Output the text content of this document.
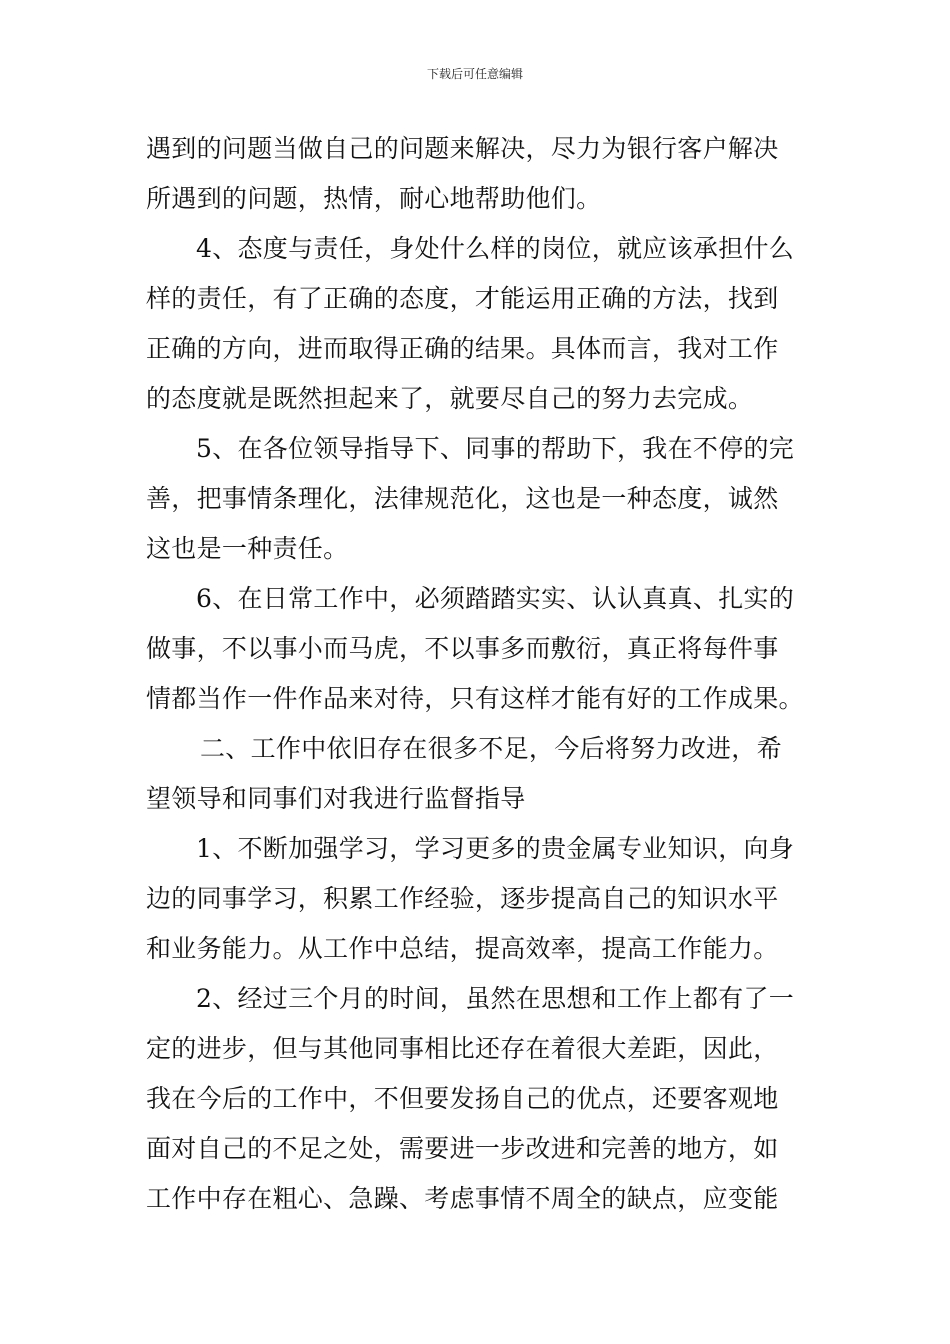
下载后可任意编辑
遇到的问题当做自己的问题来解决，尽力为银行客户解决
所遇到的问题，热情，耐心地帮助他们。
4、态度与责任，身处什么样的岗位，就应该承担什么
样的责任，有了正确的态度，才能运用正确的方法，找到
正确的方向，进而取得正确的结果。具体而言，我对工作
的态度就是既然担起来了，就要尽自己的努力去完成。
5、在各位领导指导下、同事的帮助下，我在不停的完
善，把事情条理化，法律规范化，这也是一种态度，诚然
这也是一种责任。
6、在日常工作中，必须踏踏实实、认认真真、扎实的
做事，不以事小而马虎，不以事多而敷衍，真正将每件事
情都当作一件作品来对待，只有这样才能有好的工作成果。
二、工作中依旧存在很多不足，今后将努力改进，希
望领导和同事们对我进行监督指导
1、不断加强学习，学习更多的贵金属专业知识，向身
边的同事学习，积累工作经验，逐步提高自己的知识水平
和业务能力。从工作中总结，提高效率，提高工作能力。
2、经过三个月的时间，虽然在思想和工作上都有了一
定的进步，但与其他同事相比还存在着很大差距，因此，
我在今后的工作中，不但要发扬自己的优点，还要客观地
面对自己的不足之处，需要进一步改进和完善的地方，如
工作中存在粗心、急躁、考虑事情不周全的缺点，应变能
